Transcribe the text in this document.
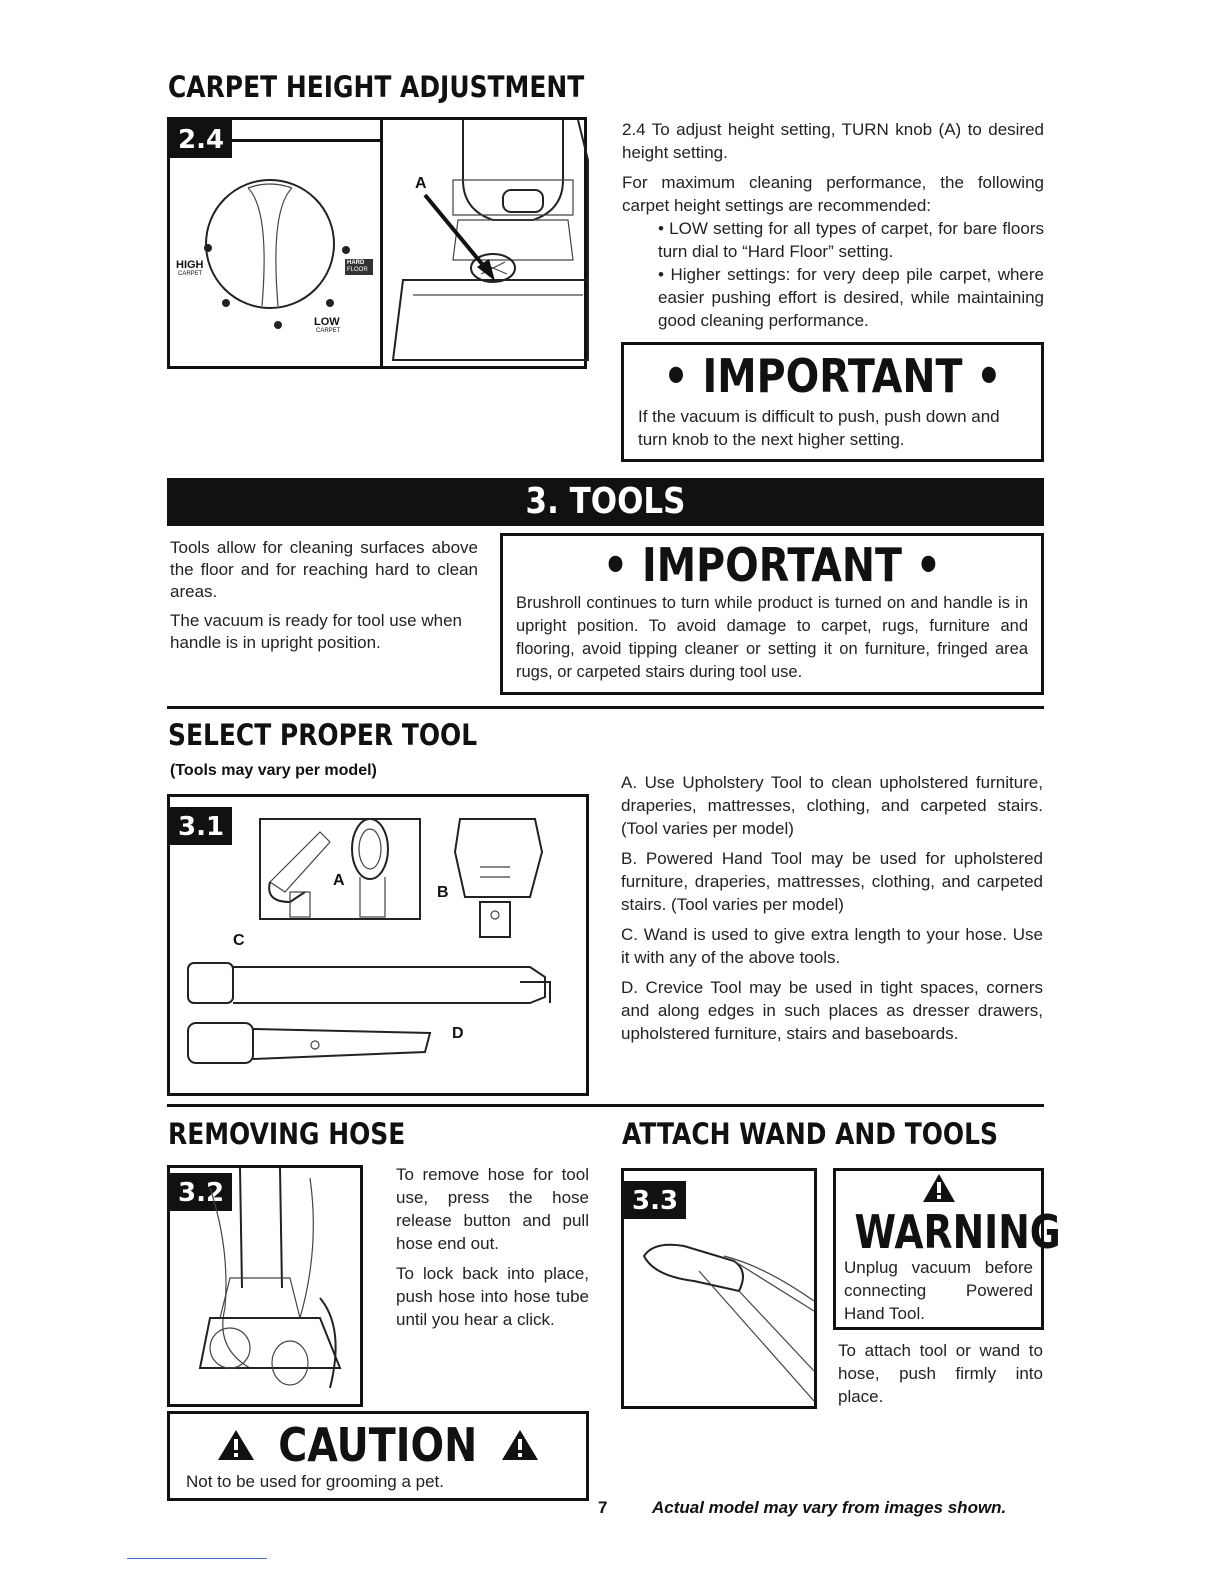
CARPET HEIGHT ADJUSTMENT
2.4
HIGH
CARPET
LOW
CARPET
HARD
FLOOR
A

2.4 To adjust height setting, TURN knob (A) to desired height setting.

For maximum cleaning performance, the following carpet height settings are recommended:

• LOW setting for all types of carpet, for bare floors turn dial to “Hard Floor” setting.

• Higher settings: for very deep pile carpet, where easier pushing effort is desired, while maintaining good cleaning performance.

• IMPORTANT •
If the vacuum is difficult to push, push down and turn knob to the next higher setting.
3. TOOLS

Tools allow for cleaning surfaces above the floor and for reaching hard to clean areas.

The vacuum is ready for tool use when handle is in upright position.

• IMPORTANT •
Brushroll continues to turn while product is turned on and handle is in upright position. To avoid damage to carpet, rugs, furniture and flooring, avoid tipping cleaner or setting it on furniture, fringed area rugs, or carpeted stairs during tool use.
SELECT PROPER TOOL
(Tools may vary per model)
3.1
A
B
C
D

A. Use Upholstery Tool to clean upholstered furniture, draperies, mattresses, clothing, and carpeted stairs. (Tool varies per model)

B. Powered Hand Tool may be used for upholstered furniture, draperies, mattresses, clothing, and carpeted stairs. (Tool varies per model)

C. Wand is used to give extra length to your hose. Use it with any of the above tools.

D. Crevice Tool may be used in tight spaces, corners and along edges in such places as dresser drawers, upholstered furniture, stairs and baseboards.

REMOVING HOSE
3.2

To remove hose for tool use, press the hose release button and pull hose end out.

To lock back into place, push hose into hose tube until you hear a click.

CAUTION
Not to be used for grooming a pet.
ATTACH WAND AND TOOLS
3.3
WARNING
Unplug vacuum before connecting Powered Hand Tool.

To attach tool or wand to hose, push firmly into place.

7	Actual model may vary from images shown.
